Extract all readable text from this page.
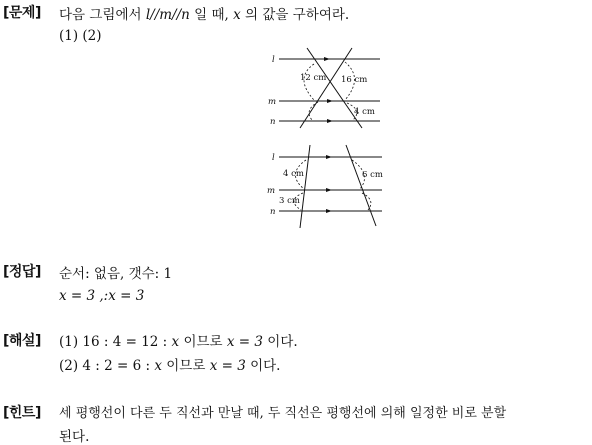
[문제] 다음 그림에서 l//m//n 일 때, x 의 값을 구하여라.
(1) (2)
l
m
n
12 cm 16 cm
4 cm
l
m
n
4 cm	6 cm
3 cm
[정답] 순서: 없음, 갯수: 1
x = 3 ,:x = 3
[해설] (1) 16 : 4 = 12 : x 이므로 x = 3 이다.
(2) 4 : 2 = 6 : x 이므로 x = 3 이다.
[힌트] 세 평행선이 다른 두 직선과 만날 때, 두 직선은 평행선에 의해 일정한 비로 분할
된다.
